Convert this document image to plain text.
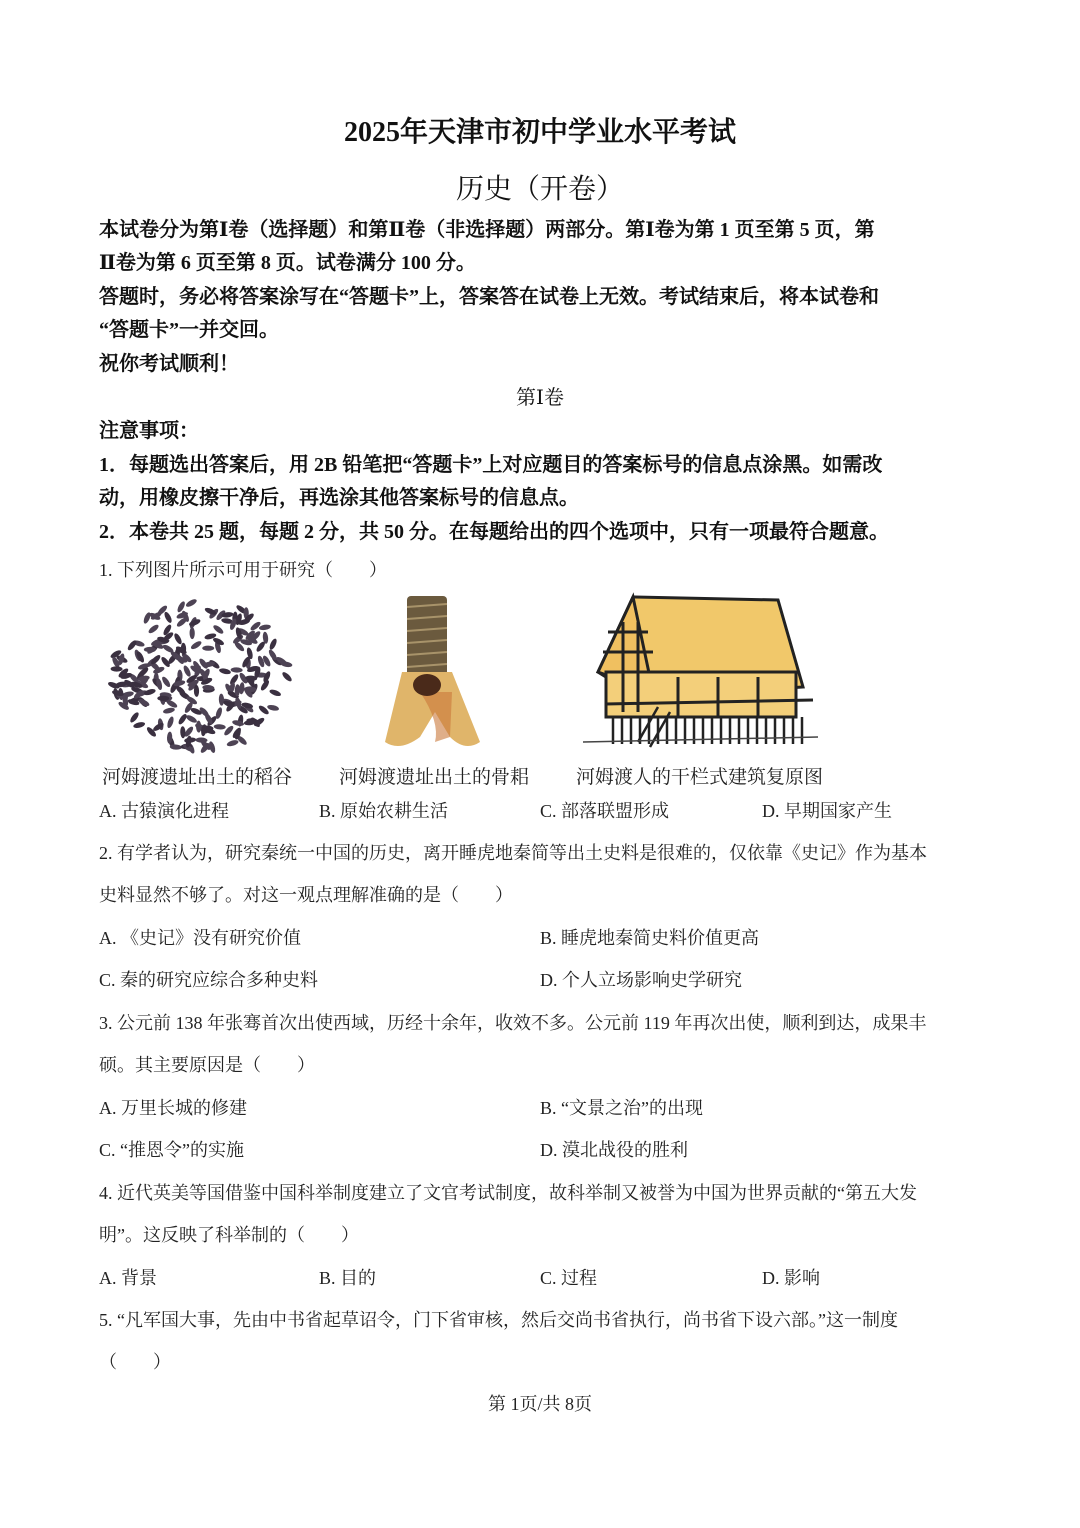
2025年天津市初中学业水平考试
历史（开卷）
本试卷分为第Ⅰ卷（选择题）和第Ⅱ卷（非选择题）两部分。第Ⅰ卷为第 1 页至第 5 页，第
Ⅱ卷为第 6 页至第 8 页。试卷满分 100 分。
答题时，务必将答案涂写在“答题卡”上，答案答在试卷上无效。考试结束后，将本试卷和
“答题卡”一并交回。
祝你考试顺利！
第Ⅰ卷
注意事项：
1．每题选出答案后，用 2B 铅笔把“答题卡”上对应题目的答案标号的信息点涂黑。如需改
动，用橡皮擦干净后，再选涂其他答案标号的信息点。
2．本卷共 25 题，每题 2 分，共 50 分。在每题给出的四个选项中，只有一项最符合题意。
1. 下列图片所示可用于研究（　　）
河姆渡遗址出土的稻谷 河姆渡遗址出土的骨耜 河姆渡人的干栏式建筑复原图
A. 古猿演化进程	B. 原始农耕生活	C. 部落联盟形成	D. 早期国家产生
2. 有学者认为，研究秦统一中国的历史，离开睡虎地秦简等出土史料是很难的，仅依靠《史记》作为基本
史料显然不够了。对这一观点理解准确的是（　　）
A. 《史记》没有研究价值	B. 睡虎地秦简史料价值更高
C. 秦的研究应综合多种史料	D. 个人立场影响史学研究
3. 公元前 138 年张骞首次出使西域，历经十余年，收效不多。公元前 119 年再次出使，顺利到达，成果丰
硕。其主要原因是（　　）
A. 万里长城的修建	B. “文景之治”的出现
C. “推恩令”的实施	D. 漠北战役的胜利
4. 近代英美等国借鉴中国科举制度建立了文官考试制度，故科举制又被誉为中国为世界贡献的“第五大发
明”。这反映了科举制的（　　）
A. 背景	B. 目的	C. 过程	D. 影响
5. “凡军国大事，先由中书省起草诏令，门下省审核，然后交尚书省执行，尚书省下设六部。”这一制度
（　　）
第 1页/共 8页
